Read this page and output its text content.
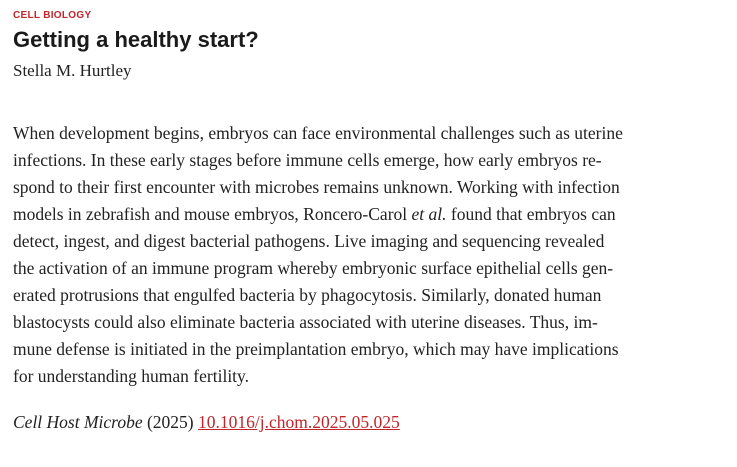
CELL BIOLOGY

Getting a healthy start?

Stella M. Hurtley

When development begins, embryos can face environmental challenges such as uterine
infections. In these early stages before immune cells emerge, how early embryos re-
spond to their first encounter with microbes remains unknown. Working with infection
models in zebrafish and mouse embryos, Roncero-Carol et al. found that embryos can
detect, ingest, and digest bacterial pathogens. Live imaging and sequencing revealed
the activation of an immune program whereby embryonic surface epithelial cells gen-
erated protrusions that engulfed bacteria by phagocytosis. Similarly, donated human
blastocysts could also eliminate bacteria associated with uterine diseases. Thus, im-
mune defense is initiated in the preimplantation embryo, which may have implications
for understanding human fertility.

Cell Host Microbe (2025) 10.1016/j.chom.2025.05.025
